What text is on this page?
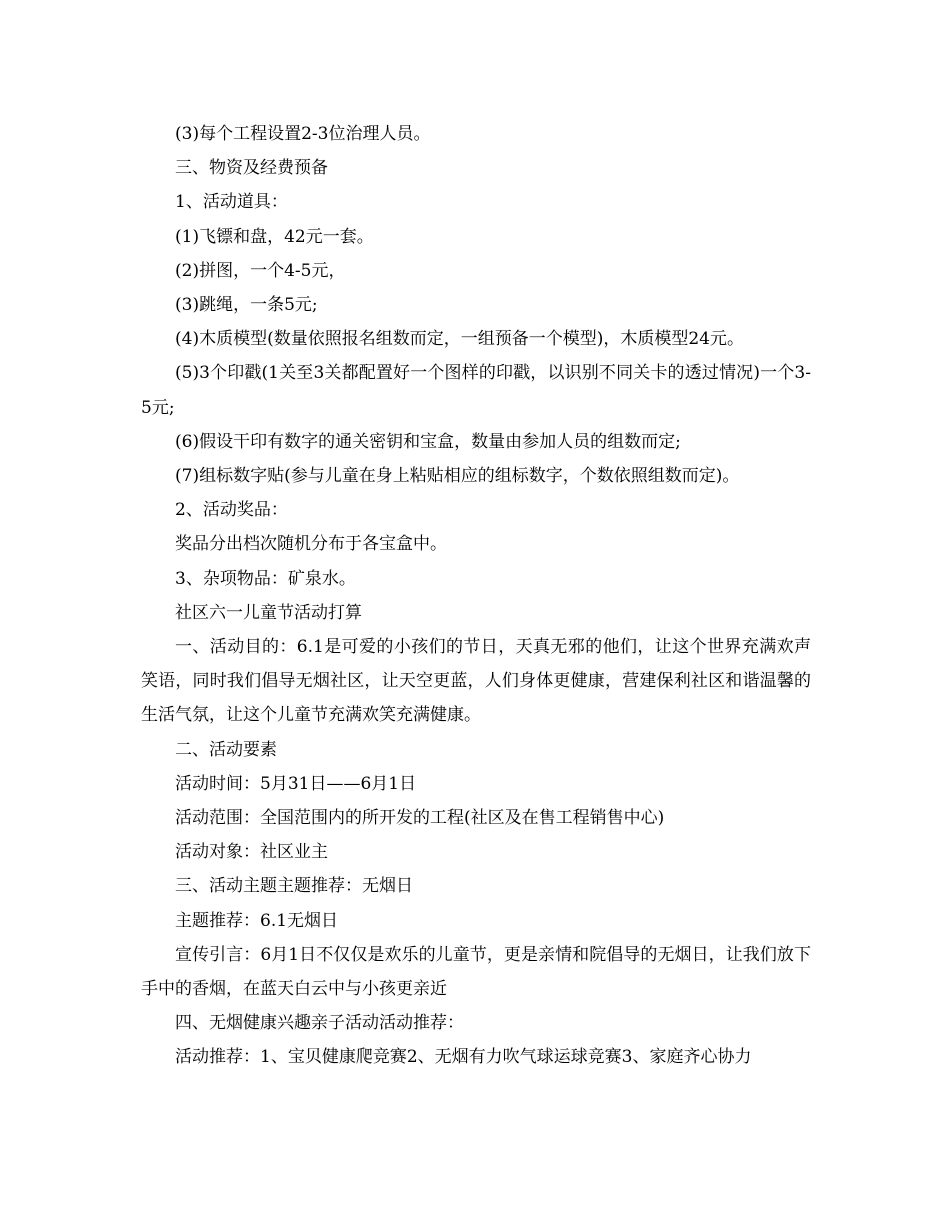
(3)每个工程设置2-3位治理人员。

三、物资及经费预备

1、活动道具：

(1)飞镖和盘，42元一套。

(2)拼图，一个4-5元，

(3)跳绳，一条5元;

(4)木质模型(数量依照报名组数而定，一组预备一个模型)，木质模型24元。

(5)3个印戳(1关至3关都配置好一个图样的印戳，以识别不同关卡的透过情况)一个3-5元;

(6)假设干印有数字的通关密钥和宝盒，数量由参加人员的组数而定;

(7)组标数字贴(参与儿童在身上粘贴相应的组标数字，个数依照组数而定)。

2、活动奖品：

奖品分出档次随机分布于各宝盒中。

3、杂项物品：矿泉水。

社区六一儿童节活动打算

一、活动目的：6.1是可爱的小孩们的节日，天真无邪的他们，让这个世界充满欢声笑语，同时我们倡导无烟社区，让天空更蓝，人们身体更健康，营建保利社区和谐温馨的生活气氛，让这个儿童节充满欢笑充满健康。

二、活动要素

活动时间：5月31日——6月1日

活动范围：全国范围内的所开发的工程(社区及在售工程销售中心)

活动对象：社区业主

三、活动主题主题推荐：无烟日

主题推荐：6.1无烟日

宣传引言：6月1日不仅仅是欢乐的儿童节，更是亲情和院倡导的无烟日，让我们放下手中的香烟，在蓝天白云中与小孩更亲近

四、无烟健康兴趣亲子活动活动推荐：

活动推荐：1、宝贝健康爬竞赛2、无烟有力吹气球运球竞赛3、家庭齐心协力
